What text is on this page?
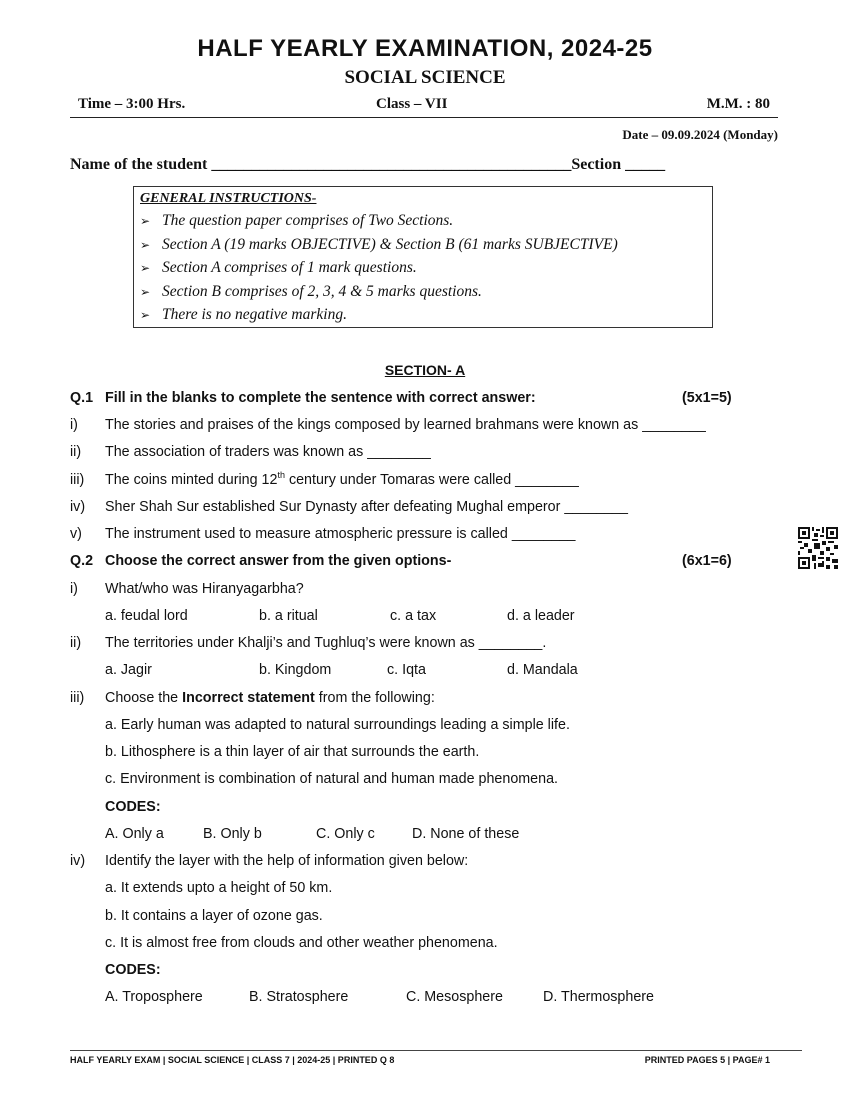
HALF YEARLY EXAMINATION, 2024-25
SOCIAL SCIENCE
Time – 3:00 Hrs.	Class – VII	M.M. : 80
Date – 09.09.2024 (Monday)
Name of the student _____________________________________________Section _____
GENERAL INSTRUCTIONS-
➢ The question paper comprises of Two Sections.
➢ Section A (19 marks OBJECTIVE) & Section B (61 marks SUBJECTIVE)
➢ Section A comprises of 1 mark questions.
➢ Section B comprises of 2, 3, 4 & 5 marks questions.
➢ There is no negative marking.
SECTION- A
Q.1 Fill in the blanks to complete the sentence with correct answer:	(5x1=5)
i) The stories and praises of the kings composed by learned brahmans were known as ________
ii) The association of traders was known as ________
iii) The coins minted during 12th century under Tomaras were called ________
iv) Sher Shah Sur established Sur Dynasty after defeating Mughal emperor ________
v) The instrument used to measure atmospheric pressure is called ________
Q.2 Choose the correct answer from the given options-	(6x1=6)
i) What/who was Hiranyagarbha?
a. feudal lord	b. a ritual	c. a tax	d. a leader
ii) The territories under Khalji’s and Tughluq’s were known as ________.
a. Jagir	b. Kingdom	c. Iqta	d. Mandala
iii) Choose the Incorrect statement from the following:
a. Early human was adapted to natural surroundings leading a simple life.
b. Lithosphere is a thin layer of air that surrounds the earth.
c. Environment is combination of natural and human made phenomena.
CODES:
A. Only a	B. Only b	C. Only c	D. None of these
iv) Identify the layer with the help of information given below:
a. It extends upto a height of 50 km.
b. It contains a layer of ozone gas.
c. It is almost free from clouds and other weather phenomena.
CODES:
A. Troposphere	B. Stratosphere	C. Mesosphere	D. Thermosphere
HALF YEARLY EXAM | SOCIAL SCIENCE | CLASS 7 | 2024-25 | PRINTED Q 8	PRINTED PAGES 5 | PAGE# 1
